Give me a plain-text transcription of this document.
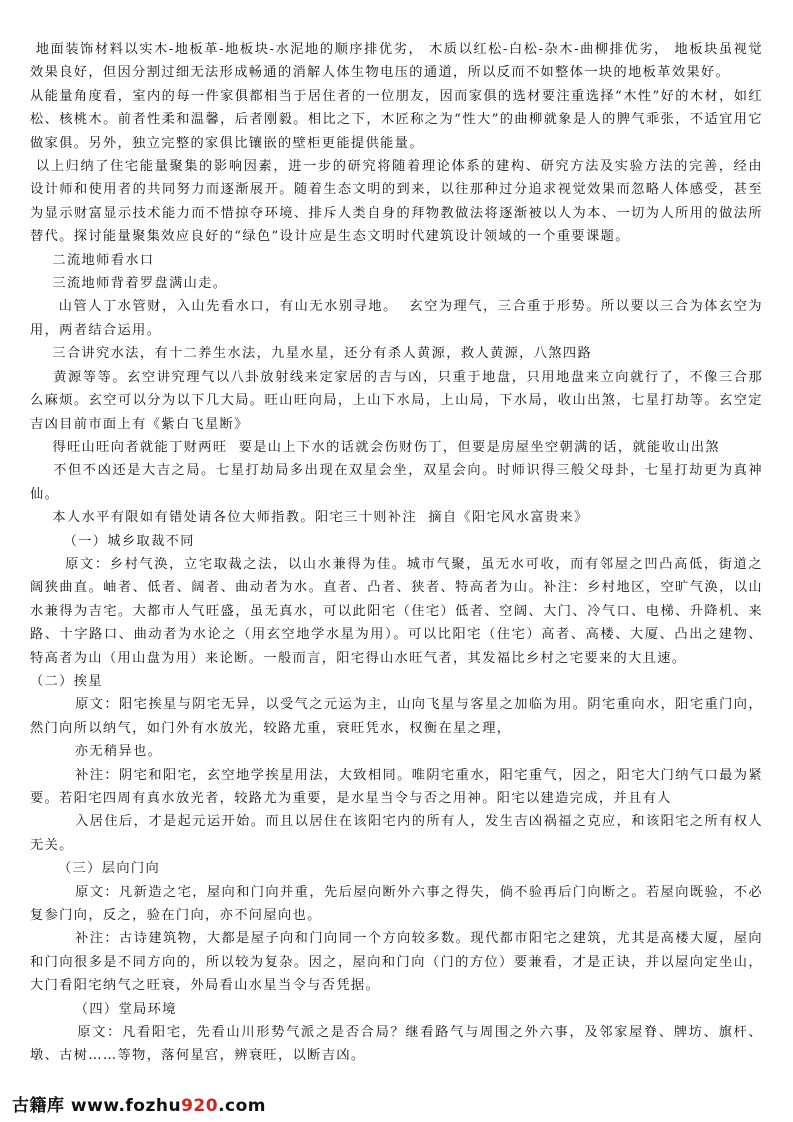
地面装饰材料以实木-地板革-地板块-水泥地的顺序排优劣， 木质以红松-白松-杂木-曲柳排优劣， 地板块虽视觉效果良好，但因分割过细无法形成畅通的消解人体生物电压的通道，所以反而不如整体一块的地板革效果好。

从能量角度看，室内的每一件家俱都相当于居住者的一位朋友，因而家俱的选材要注重选择“木性”好的木材，如红松、核桃木。前者性柔和温馨，后者刚毅。相比之下，木匠称之为“性大”的曲柳就象是人的脾气乖张，不适宜用它做家俱。另外，独立完整的家俱比镶嵌的壁柜更能提供能量。

以上归纳了住宅能量聚集的影响因素，进一步的研究将随着理论体系的建构、研究方法及实验方法的完善，经由设计师和使用者的共同努力而逐渐展开。随着生态文明的到来，以往那种过分追求视觉效果而忽略人体感受，甚至为显示财富显示技术能力而不惜掠夺环境、排斥人类自身的拜物教做法将逐渐被以人为本、一切为人所用的做法所替代。探讨能量聚集效应良好的“绿色”设计应是生态文明时代建筑设计领域的一个重要课题。

二流地师看水口

三流地师背着罗盘满山走。

山管人丁水管财，入山先看水口，有山无水别寻地。  玄空为理气，三合重于形势。所以要以三合为体玄空为用，两者结合运用。

三合讲究水法，有十二养生水法，九星水星，还分有杀人黄源，救人黄源，八煞四路

黄源等等。玄空讲究理气以八卦放射线来定家居的吉与凶，只重于地盘，只用地盘来立向就行了，不像三合那么麻烦。玄空可以分为以下几大局。旺山旺向局，上山下水局，上山局，下水局，收山出煞，七星打劫等。玄空定吉凶目前市面上有《紫白飞星断》

得旺山旺向者就能丁财两旺  要是山上下水的话就会伤财伤丁，但要是房屋坐空朝满的话，就能收山出煞

不但不凶还是大吉之局。七星打劫局多出现在双星会坐，双星会向。时师识得三般父母卦，七星打劫更为真神仙。

本人水平有限如有错处请各位大师指教。阳宅三十则补注  摘自《阳宅风水富贵来》

（一）城乡取裁不同

原文：乡村气涣，立宅取裁之法，以山水兼得为佳。城市气聚，虽无水可收，而有邻屋之凹凸高低，街道之阔狭曲直。岫者、低者、阔者、曲动者为水。直者、凸者、狭者、特高者为山。补注：乡村地区，空旷气涣，以山水兼得为吉宅。大都市人气旺盛，虽无真水，可以此阳宅（住宅）低者、空阔、大门、冷气口、电梯、升降机、来路、十字路口、曲动者为水论之（用玄空地学水星为用）。可以比阳宅（住宅）高者、高楼、大厦、凸出之建物、特高者为山（用山盘为用）来论断。一般而言，阳宅得山水旺气者，其发福比乡村之宅要来的大且速。

（二）挨星

原文：阳宅挨星与阴宅无异，以受气之元运为主，山向飞星与客星之加临为用。阴宅重向水，阳宅重门向，然门向所以纳气，如门外有水放光，较路尤重，衰旺凭水，权衡在星之理，

亦无稍异也。

补注：阴宅和阳宅，玄空地学挨星用法，大致相同。唯阴宅重水，阳宅重气，因之，阳宅大门纳气口最为紧要。若阳宅四周有真水放光者，较路尤为重要，是水星当令与否之用神。阳宅以建造完成，并且有人

入居住后，才是起元运开始。而且以居住在该阳宅内的所有人，发生吉凶祸福之克应，和该阳宅之所有权人无关。

（三）层向门向

原文：凡新造之宅，屋向和门向并重，先后屋向断外六事之得失，倘不验再后门向断之。若屋向既验，不必复参门向，反之，验在门向，亦不问屋向也。

补注：古诗建筑物，大都是屋子向和门向同一个方向较多数。现代都市阳宅之建筑，尤其是高楼大厦，屋向和门向很多是不同方向的，所以较为复杂。因之，屋向和门向（门的方位）要兼看，才是正诀，并以屋向定坐山，大门看阳宅纳气之旺衰，外局看山水星当令与否凭据。

（四）堂局环境

原文：凡看阳宅，先看山川形势气派之是否合局？继看路气与周围之外六事，及邻家屋脊、牌坊、旗杆、  墩、古树……等物，落何星宫，辨衰旺，以断吉凶。

古籍库 www.fozhu920.com
